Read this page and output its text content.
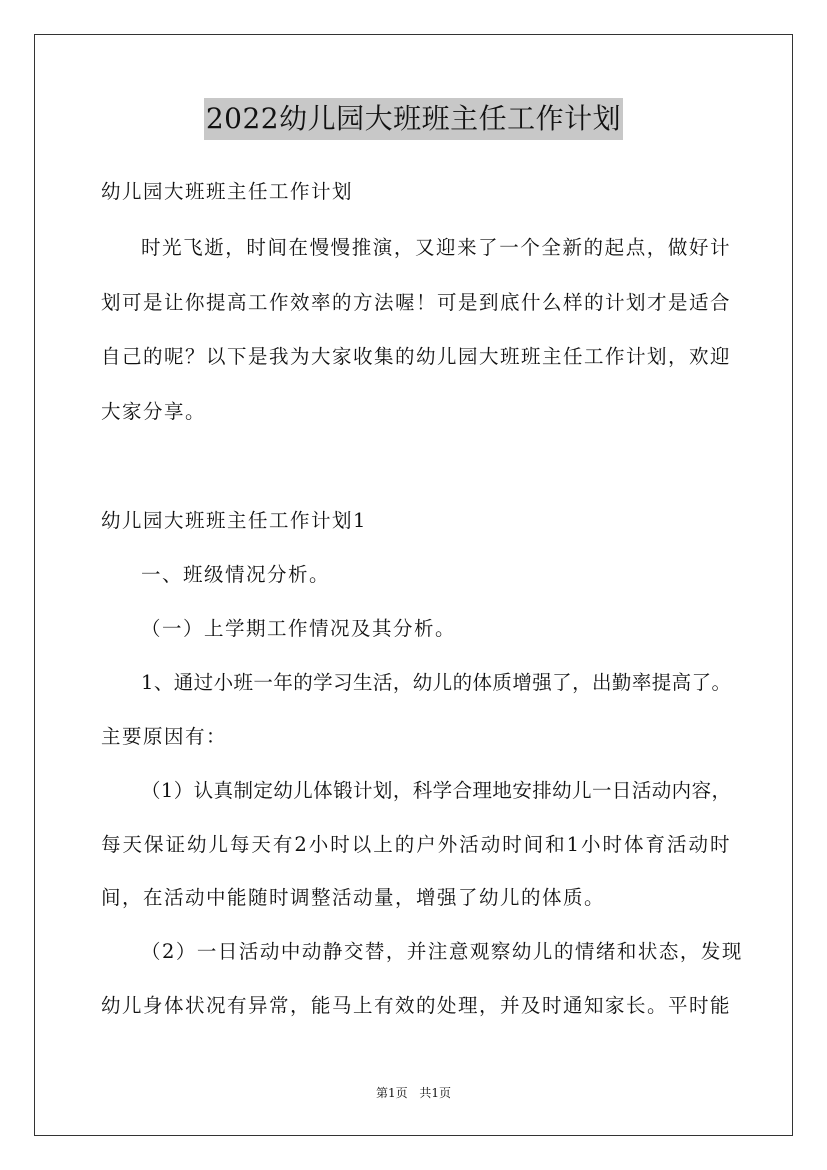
2022幼儿园大班班主任工作计划
幼儿园大班班主任工作计划
时光飞逝，时间在慢慢推演，又迎来了一个全新的起点，做好计
划可是让你提高工作效率的方法喔！可是到底什么样的计划才是适合
自己的呢？以下是我为大家收集的幼儿园大班班主任工作计划，欢迎
大家分享。
幼儿园大班班主任工作计划1
一、班级情况分析。
（一）上学期工作情况及其分析。
1、通过小班一年的学习生活，幼儿的体质增强了，出勤率提高了。
主要原因有：
（1）认真制定幼儿体锻计划，科学合理地安排幼儿一日活动内容，
每天保证幼儿每天有2小时以上的户外活动时间和1小时体育活动时
间，在活动中能随时调整活动量，增强了幼儿的体质。
（2）一日活动中动静交替，并注意观察幼儿的情绪和状态，发现
幼儿身体状况有异常，能马上有效的处理，并及时通知家长。平时能
第1页 共1页
